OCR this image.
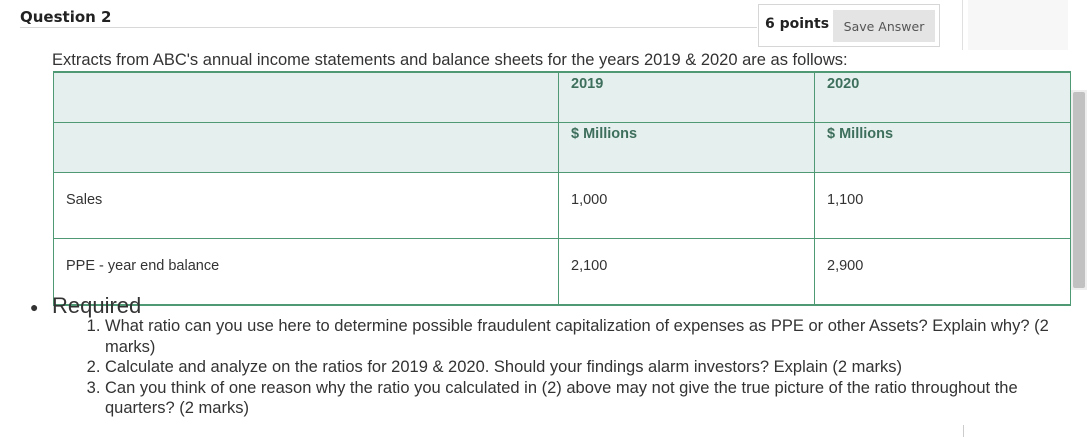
Question 2	6 points	Save Answer
Extracts from ABC's annual income statements and balance sheets for the years 2019 & 2020 are as follows:
	2019	2020
	$ Millions	$ Millions
Sales	1,000	1,100
PPE - year end balance	2,100	2,900
● Required
1. What ratio can you use here to determine possible fraudulent capitalization of expenses as PPE or other Assets? Explain why? (2 marks)
2. Calculate and analyze on the ratios for 2019 & 2020. Should your findings alarm investors? Explain (2 marks)
3. Can you think of one reason why the ratio you calculated in (2) above may not give the true picture of the ratio throughout the quarters? (2 marks)
